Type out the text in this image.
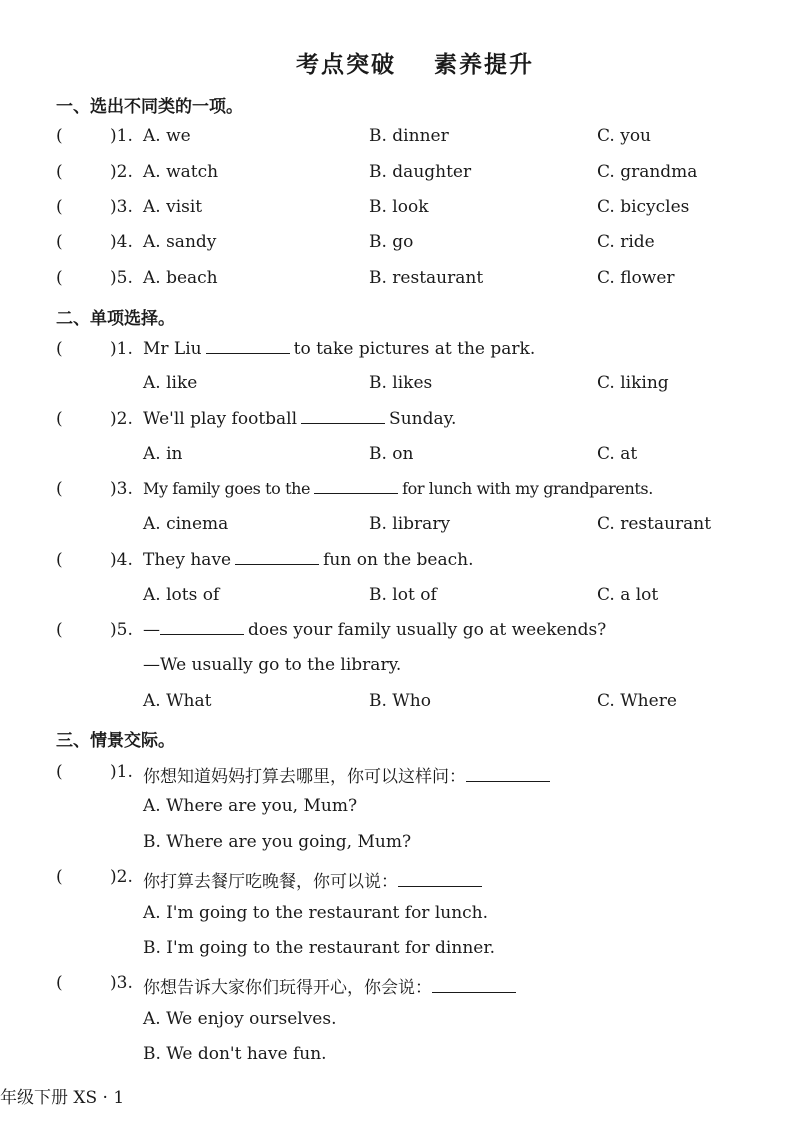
考点突破 素养提升
一、选出不同类的一项。
(	)1. A. we	B. dinner	C. you
(	)2. A. watch	B. daughter	C. grandma
(	)3. A. visit	B. look	C. bicycles
(	)4. A. sandy	B. go	C. ride
(	)5. A. beach	B. restaurant	C. flower
二、单项选择。
(	)1. Mr Liu	to take pictures at the park.
A. like	B. likes	C. liking
(	)2. We'll play football	Sunday.
A. in	B. on	C. at
(	)3. My family goes to the	for lunch with my grandparents.
A. cinema	B. library	C. restaurant
(	)4. They have	fun on the beach.
A. lots of	B. lot of	C. a lot
(	)5. —	does your family usually go at weekends?
—We usually go to the library.
A. What	B. Who	C. Where
三、情景交际。
(	)1. 你想知道妈妈打算去哪里，你可以这样问：
A. Where are you, Mum?
B. Where are you going, Mum?
(	)2. 你打算去餐厅吃晚餐，你可以说：
A. I'm going to the restaurant for lunch.
B. I'm going to the restaurant for dinner.
(	)3. 你想告诉大家你们玩得开心，你会说：
A. We enjoy ourselves.
B. We don't have fun.
年级下册 XS · 1
